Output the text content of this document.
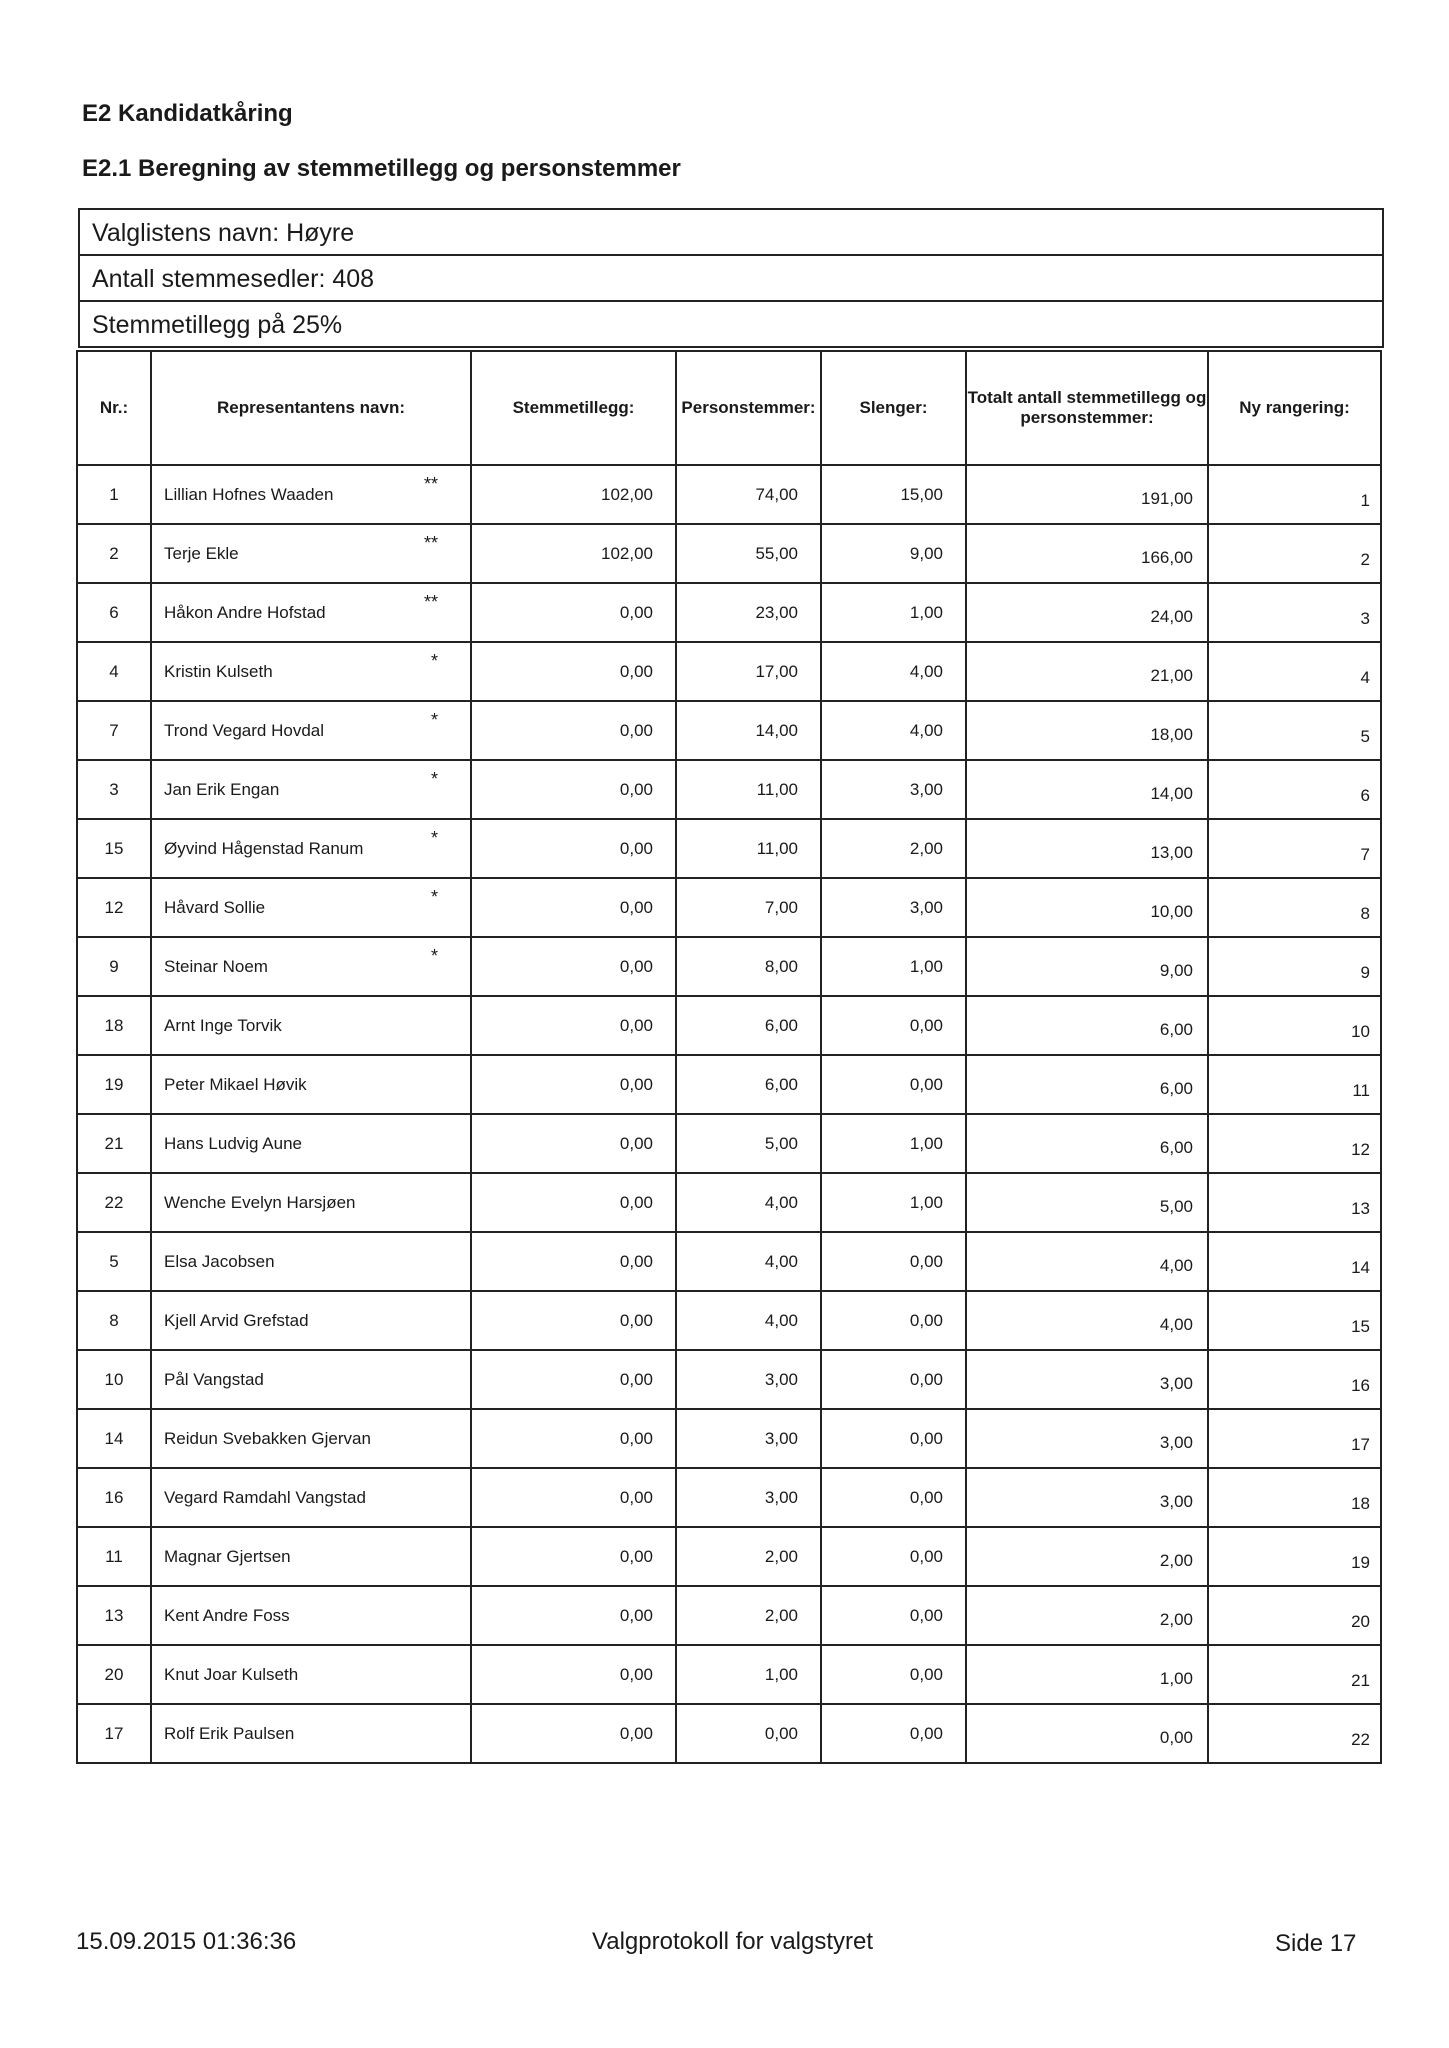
E2 Kandidatkåring
E2.1 Beregning av stemmetillegg og personstemmer
Valglistens navn: Høyre
Antall stemmesedler: 408
Stemmetillegg på 25%
Nr.:	Representantens navn:	Stemmetillegg:	Personstemmer:	Slenger:	Totalt antall stemmetillegg og personstemmer:	Ny rangering:
1	Lillian Hofnes Waaden **	102,00	74,00	15,00	191,00	1
2	Terje Ekle **	102,00	55,00	9,00	166,00	2
6	Håkon Andre Hofstad **	0,00	23,00	1,00	24,00	3
4	Kristin Kulseth *	0,00	17,00	4,00	21,00	4
7	Trond Vegard Hovdal *	0,00	14,00	4,00	18,00	5
3	Jan Erik Engan *	0,00	11,00	3,00	14,00	6
15	Øyvind Hågenstad Ranum *	0,00	11,00	2,00	13,00	7
12	Håvard Sollie *	0,00	7,00	3,00	10,00	8
9	Steinar Noem *	0,00	8,00	1,00	9,00	9
18	Arnt Inge Torvik	0,00	6,00	0,00	6,00	10
19	Peter Mikael Høvik	0,00	6,00	0,00	6,00	11
21	Hans Ludvig Aune	0,00	5,00	1,00	6,00	12
22	Wenche Evelyn Harsjøen	0,00	4,00	1,00	5,00	13
5	Elsa Jacobsen	0,00	4,00	0,00	4,00	14
8	Kjell Arvid Grefstad	0,00	4,00	0,00	4,00	15
10	Pål Vangstad	0,00	3,00	0,00	3,00	16
14	Reidun Svebakken Gjervan	0,00	3,00	0,00	3,00	17
16	Vegard Ramdahl Vangstad	0,00	3,00	0,00	3,00	18
11	Magnar Gjertsen	0,00	2,00	0,00	2,00	19
13	Kent Andre Foss	0,00	2,00	0,00	2,00	20
20	Knut Joar Kulseth	0,00	1,00	0,00	1,00	21
17	Rolf Erik Paulsen	0,00	0,00	0,00	0,00	22
15.09.2015 01:36:36	Valgprotokoll for valgstyret	Side 17
